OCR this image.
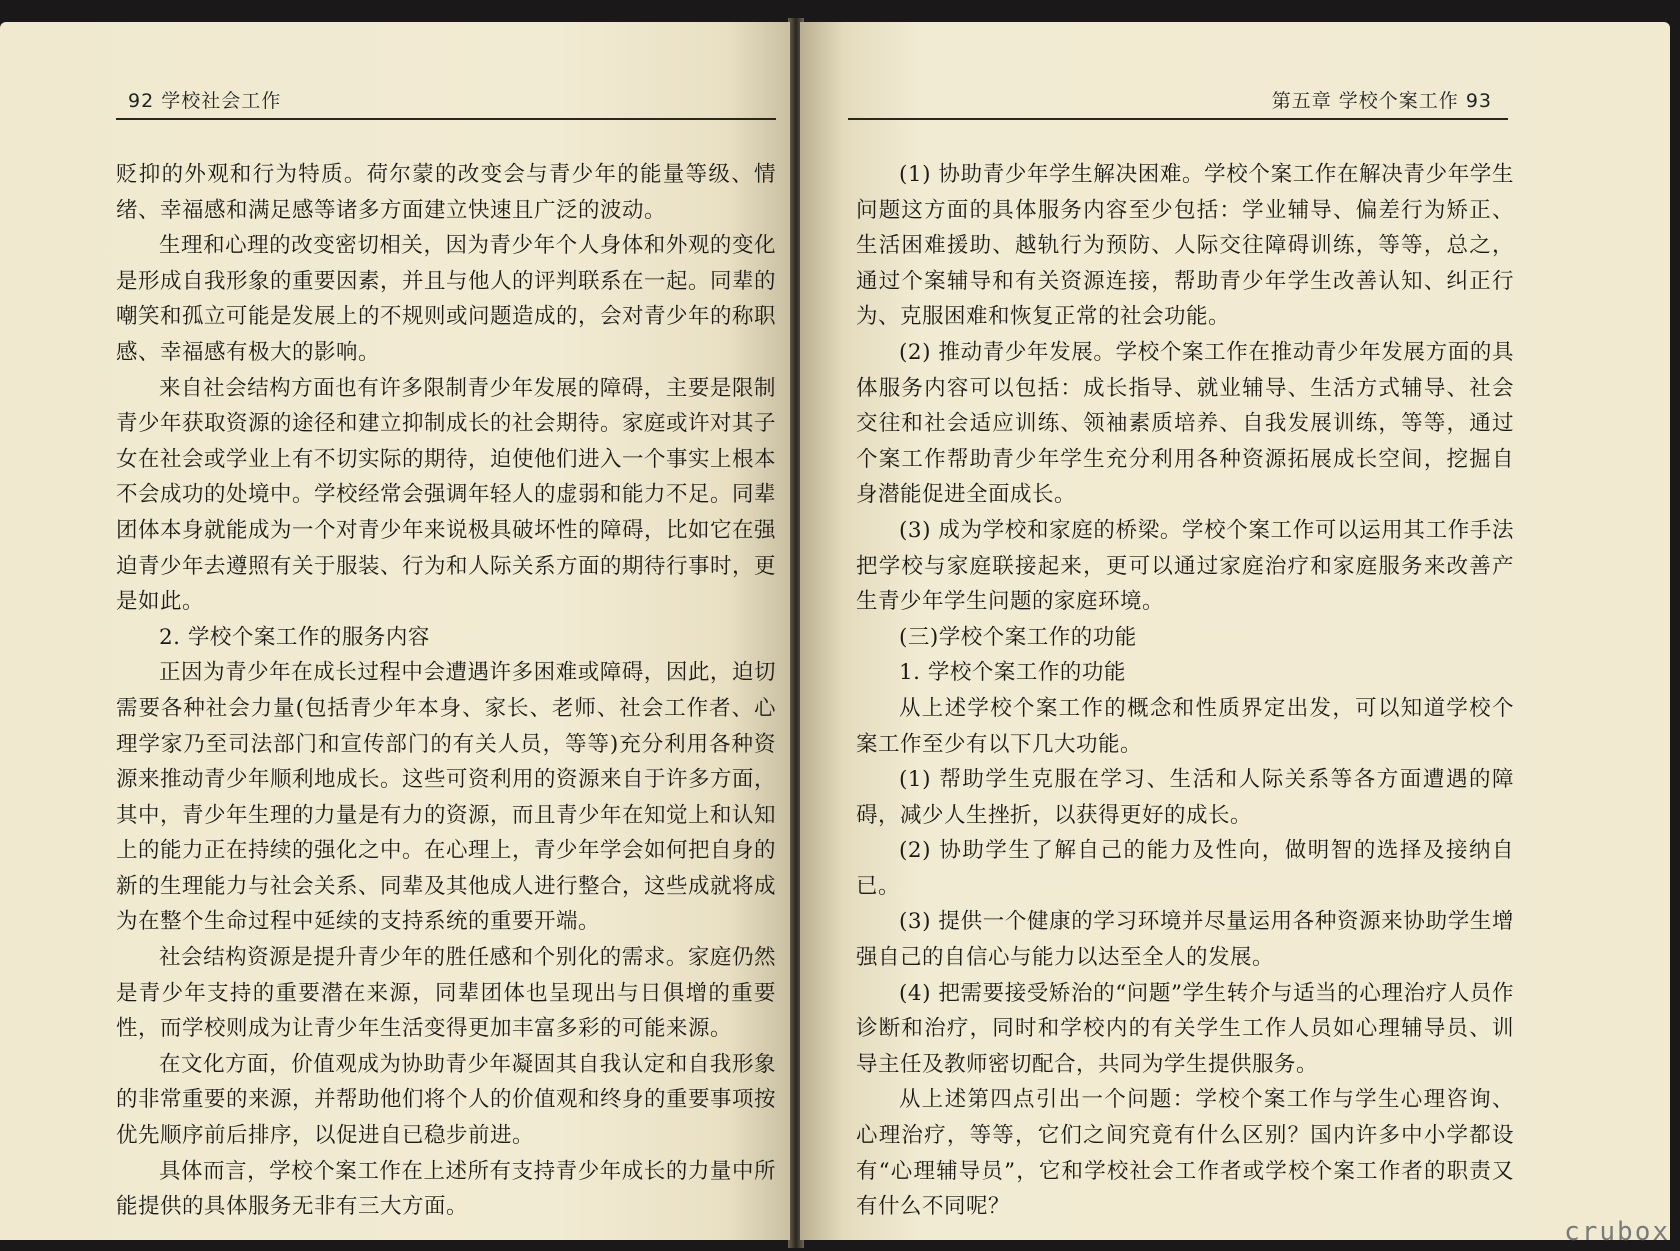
92 学校社会工作

贬抑的外观和行为特质。荷尔蒙的改变会与青少年的能量等级、情绪、幸福感和满足感等诸多方面建立快速且广泛的波动。

生理和心理的改变密切相关，因为青少年个人身体和外观的变化是形成自我形象的重要因素，并且与他人的评判联系在一起。同辈的嘲笑和孤立可能是发展上的不规则或问题造成的，会对青少年的称职感、幸福感有极大的影响。

来自社会结构方面也有许多限制青少年发展的障碍，主要是限制青少年获取资源的途径和建立抑制成长的社会期待。家庭或许对其子女在社会或学业上有不切实际的期待，迫使他们进入一个事实上根本不会成功的处境中。学校经常会强调年轻人的虚弱和能力不足。同辈团体本身就能成为一个对青少年来说极具破坏性的障碍，比如它在强迫青少年去遵照有关于服装、行为和人际关系方面的期待行事时，更是如此。

2. 学校个案工作的服务内容

正因为青少年在成长过程中会遭遇许多困难或障碍，因此，迫切需要各种社会力量(包括青少年本身、家长、老师、社会工作者、心理学家乃至司法部门和宣传部门的有关人员，等等)充分利用各种资源来推动青少年顺利地成长。这些可资利用的资源来自于许多方面，其中，青少年生理的力量是有力的资源，而且青少年在知觉上和认知上的能力正在持续的强化之中。在心理上，青少年学会如何把自身的新的生理能力与社会关系、同辈及其他成人进行整合，这些成就将成为在整个生命过程中延续的支持系统的重要开端。

社会结构资源是提升青少年的胜任感和个别化的需求。家庭仍然是青少年支持的重要潜在来源，同辈团体也呈现出与日俱增的重要性，而学校则成为让青少年生活变得更加丰富多彩的可能来源。

在文化方面，价值观成为协助青少年凝固其自我认定和自我形象的非常重要的来源，并帮助他们将个人的价值观和终身的重要事项按优先顺序前后排序，以促进自已稳步前进。

具体而言，学校个案工作在上述所有支持青少年成长的力量中所能提供的具体服务无非有三大方面。

第五章 学校个案工作 93

(1) 协助青少年学生解决困难。学校个案工作在解决青少年学生问题这方面的具体服务内容至少包括：学业辅导、偏差行为矫正、生活困难援助、越轨行为预防、人际交往障碍训练，等等，总之，通过个案辅导和有关资源连接，帮助青少年学生改善认知、纠正行为、克服困难和恢复正常的社会功能。

(2) 推动青少年发展。学校个案工作在推动青少年发展方面的具体服务内容可以包括：成长指导、就业辅导、生活方式辅导、社会交往和社会适应训练、领袖素质培养、自我发展训练，等等，通过个案工作帮助青少年学生充分利用各种资源拓展成长空间，挖掘自身潜能促进全面成长。

(3) 成为学校和家庭的桥梁。学校个案工作可以运用其工作手法把学校与家庭联接起来，更可以通过家庭治疗和家庭服务来改善产生青少年学生问题的家庭环境。

(三)学校个案工作的功能
1. 学校个案工作的功能

从上述学校个案工作的概念和性质界定出发，可以知道学校个案工作至少有以下几大功能。

(1) 帮助学生克服在学习、生活和人际关系等各方面遭遇的障碍，减少人生挫折，以获得更好的成长。

(2) 协助学生了解自己的能力及性向，做明智的选择及接纳自已。

(3) 提供一个健康的学习环境并尽量运用各种资源来协助学生增强自己的自信心与能力以达至全人的发展。

(4) 把需要接受矫治的“问题”学生转介与适当的心理治疗人员作诊断和治疗，同时和学校内的有关学生工作人员如心理辅导员、训导主任及教师密切配合，共同为学生提供服务。

从上述第四点引出一个问题：学校个案工作与学生心理咨询、心理治疗，等等，它们之间究竟有什么区别？国内许多中小学都设有“心理辅导员”，它和学校社会工作者或学校个案工作者的职责又有什么不同呢？

crubox
